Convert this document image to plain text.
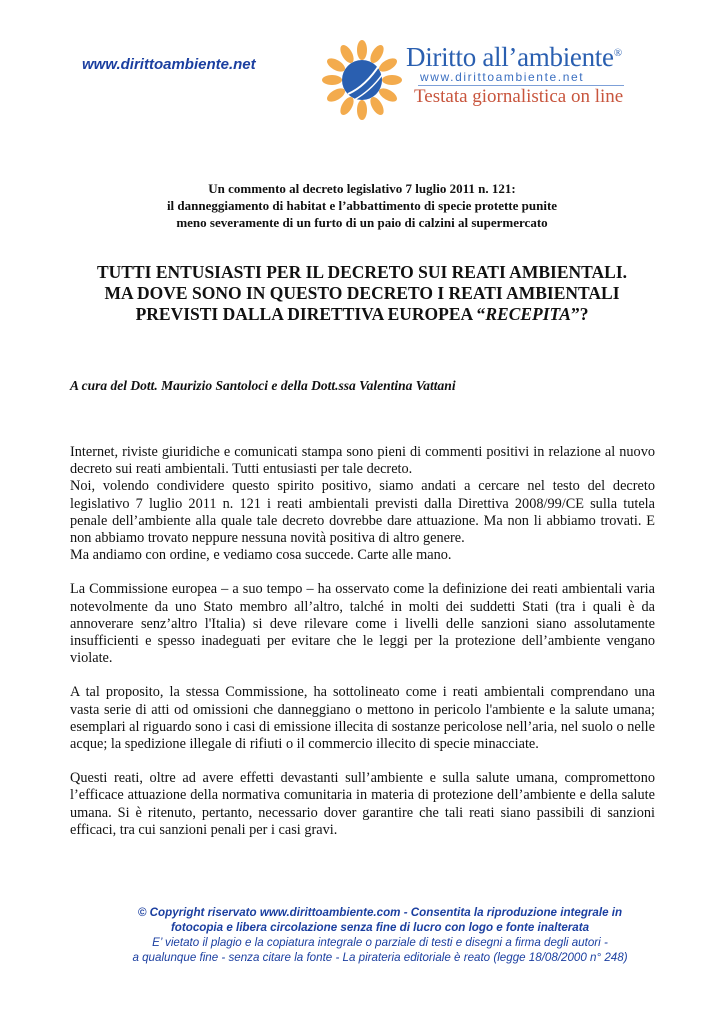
www.dirittoambiente.net	Diritto all’ambiente®
www.dirittoambiente.net
Testata giornalistica on line
Un commento al decreto legislativo 7 luglio 2011 n. 121:
il danneggiamento di habitat e l’abbattimento di specie protette punite
meno severamente di un furto di un paio di calzini al supermercato
TUTTI ENTUSIASTI PER IL DECRETO SUI REATI AMBIENTALI.
MA DOVE SONO IN QUESTO DECRETO I REATI AMBIENTALI
PREVISTI DALLA DIRETTIVA EUROPEA “RECEPITA”?
A cura del Dott. Maurizio Santoloci e della Dott.ssa Valentina Vattani

Internet, riviste giuridiche e comunicati stampa sono pieni di commenti positivi in relazione al nuovo decreto sui reati ambientali. Tutti entusiasti per tale decreto.

Noi, volendo condividere questo spirito positivo, siamo andati a cercare nel testo del decreto legislativo 7 luglio 2011 n. 121 i reati ambientali previsti dalla Direttiva 2008/99/CE sulla tutela penale dell’ambiente alla quale tale decreto dovrebbe dare attuazione. Ma non li abbiamo trovati. E non abbiamo trovato neppure nessuna novità positiva di altro genere.

Ma andiamo con ordine, e vediamo cosa succede. Carte alle mano.

La Commissione europea – a suo tempo – ha osservato come la definizione dei reati ambientali varia notevolmente da uno Stato membro all’altro, talché in molti dei suddetti Stati (tra i quali è da annoverare senz’altro l'Italia) si deve rilevare come i livelli delle sanzioni siano assolutamente insufficienti e spesso inadeguati per evitare che le leggi per la protezione dell’ambiente vengano violate.

A tal proposito, la stessa Commissione, ha sottolineato come i reati ambientali comprendano una vasta serie di atti od omissioni che danneggiano o mettono in pericolo l'ambiente e la salute umana; esemplari al riguardo sono i casi di emissione illecita di sostanze pericolose nell’aria, nel suolo o nelle acque; la spedizione illegale di rifiuti o il commercio illecito di specie minacciate.

Questi reati, oltre ad avere effetti devastanti sull’ambiente e sulla salute umana, compromettono l’efficace attuazione della normativa comunitaria in materia di protezione dell’ambiente e della salute umana. Si è ritenuto, pertanto, necessario dover garantire che tali reati siano passibili di sanzioni efficaci, tra cui sanzioni penali per i casi gravi.

© Copyright riservato www.dirittoambiente.com - Consentita la riproduzione integrale in
fotocopia e libera circolazione senza fine di lucro con logo e fonte inalterata
E’ vietato il plagio e la copiatura integrale o parziale di testi e disegni a firma degli autori -
a qualunque fine - senza citare la fonte - La pirateria editoriale è reato (legge 18/08/2000 n° 248)
